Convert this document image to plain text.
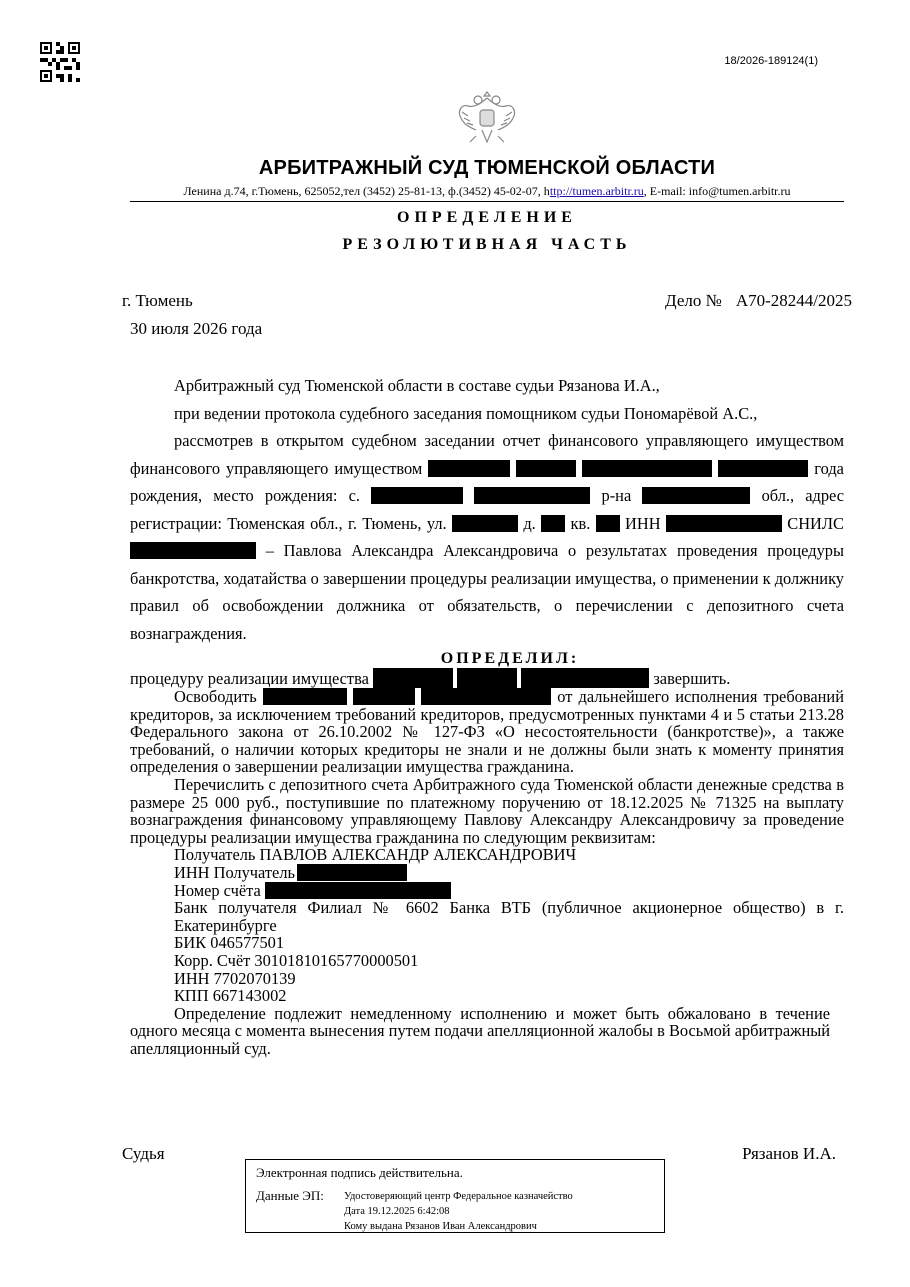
18/2026-189124(1)
АРБИТРАЖНЫЙ СУД ТЮМЕНСКОЙ ОБЛАСТИ
Ленина д.74, г.Тюмень, 625052,тел (3452) 25-81-13, ф.(3452) 45-02-07, http://tumen.arbitr.ru, E-mail: info@tumen.arbitr.ru
ОПРЕДЕЛЕНИЕ
РЕЗОЛЮТИВНАЯ ЧАСТЬ
г. Тюмень	Дело № А70-28244/2025
30 июля 2026 года

Арбитражный суд Тюменской области в составе судьи Рязанова И.А.,

при ведении протокола судебного заседания помощником судьи Пономарёвой А.С.,

рассмотрев в открытом судебном заседании отчет финансового управляющего имуществом финансового управляющего имуществом	года рождения, место рождения: с.	р-на	обл., адрес регистрации: Тюменская обл., г. Тюмень, ул.	д. кв. ИНН	СНИЛС  – Павлова Александра Александровича о результатах проведения процедуры банкротства, ходатайства о завершении процедуры реализации имущества, о применении к должнику правил об освобождении должника от обязательств, о перечислении с депозитного счета вознаграждения.

ОПРЕДЕЛИЛ:

процедуру реализации имущества	завершить.

Освободить	от дальнейшего исполнения требований кредиторов, за исключением требований кредиторов, предусмотренных пунктами 4 и 5 статьи 213.28 Федерального закона от 26.10.2002 № 127-ФЗ «О несостоятельности (банкротстве)», а также требований, о наличии которых кредиторы не знали и не должны были знать к моменту принятия определения о завершении реализации имущества гражданина.

Перечислить с депозитного счета Арбитражного суда Тюменской области денежные средства в размере 25 000 руб., поступившие по платежному поручению от 18.12.2025 № 71325 на выплату вознаграждения финансовому управляющему Павлову Александру Александровичу за проведение процедуры реализации имущества гражданина по следующим реквизитам:

Получатель ПАВЛОВ АЛЕКСАНДР АЛЕКСАНДРОВИЧ
ИНН Получатель
Номер счёта
Банк получателя Филиал № 6602 Банка ВТБ (публичное акционерное общество) в г. Екатеринбурге
БИК 046577501
Корр. Счёт 30101810165770000501
ИНН 7702070139
КПП 667143002

Определение подлежит немедленному исполнению и может быть обжаловано в течение одного месяца с момента вынесения путем подачи апелляционной жалобы в Восьмой арбитражный апелляционный суд.

Судья	Рязанов И.А.
Электронная подпись действительна.
Данные ЭП: Удостоверяющий центр Федеральное казначейство
Дата 19.12.2025 6:42:08
Кому выдана Рязанов Иван Александрович
